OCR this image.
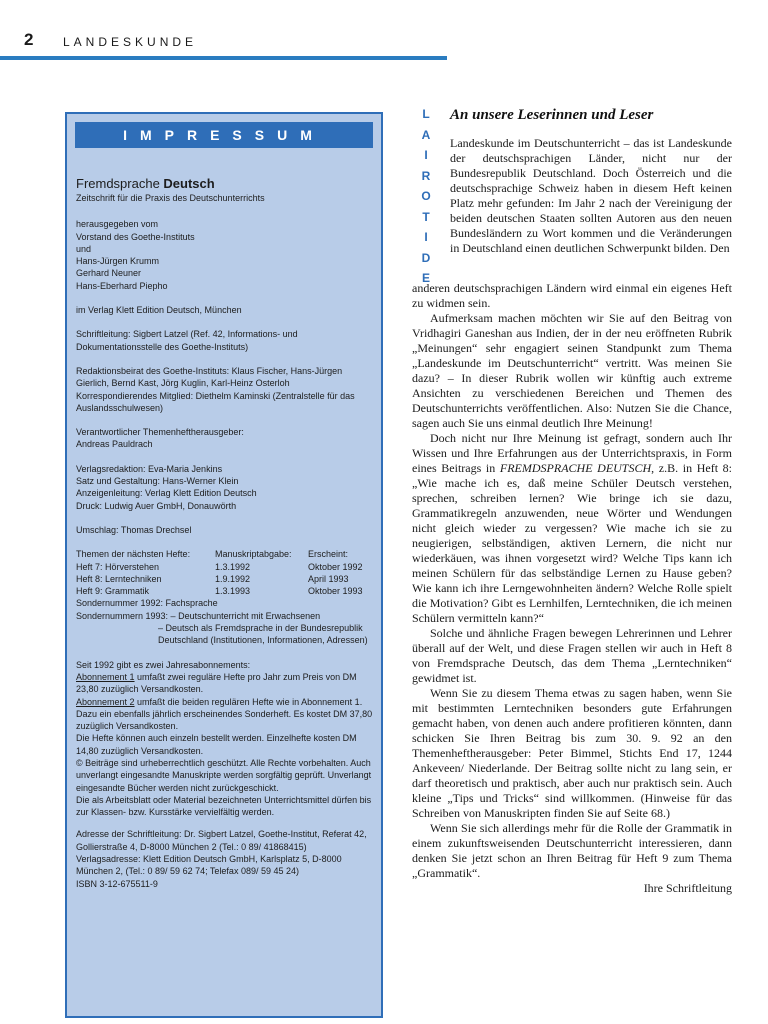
2 LANDESKUNDE
IMPRESSUM

Fremdsprache Deutsch

Zeitschrift für die Praxis des Deutschunterrichts

herausgegeben vom
Vorstand des Goethe-Instituts
und
Hans-Jürgen Krumm
Gerhard Neuner
Hans-Eberhard Piepho

im Verlag Klett Edition Deutsch, München

Schriftleitung: Sigbert Latzel (Ref. 42, Informations- und Dokumentationsstelle des Goethe-Instituts)

Redaktionsbeirat des Goethe-Instituts: Klaus Fischer, Hans-Jürgen Gierlich, Bernd Kast, Jörg Kuglin, Karl-Heinz Osterloh
Korrespondierendes Mitglied: Diethelm Kaminski (Zentralstelle für das Auslandsschulwesen)

Verantwortlicher Themenheftherausgeber:
Andreas Pauldrach

Verlagsredaktion: Eva-Maria Jenkins
Satz und Gestaltung: Hans-Werner Klein
Anzeigenleitung: Verlag Klett Edition Deutsch
Druck: Ludwig Auer GmbH, Donauwörth

Umschlag: Thomas Drechsel

Themen der nächsten Hefte:	Manuskriptabgabe:	Erscheint:
Heft 7: Hörverstehen	1.3.1992	Oktober 1992
Heft 8: Lerntechniken	1.9.1992	April 1993
Heft 9: Grammatik	1.3.1993	Oktober 1993

Sondernummer 1992: Fachsprache
Sondernummern 1993: – Deutschunterricht mit Erwachsenen
– Deutsch als Fremdsprache in der Bundesrepublik
Deutschland (Institutionen, Informationen, Adressen)

Seit 1992 gibt es zwei Jahresabonnements:
Abonnement 1 umfaßt zwei reguläre Hefte pro Jahr zum Preis von DM 23,80 zuzüglich Versandkosten.
Abonnement 2 umfaßt die beiden regulären Hefte wie in Abonnement 1. Dazu ein ebenfalls jährlich erscheinendes Sonderheft. Es kostet DM 37,80 zuzüglich Versandkosten.
Die Hefte können auch einzeln bestellt werden. Einzelhefte kosten DM 14,80 zuzüglich Versandkosten.
© Beiträge sind urheberrechtlich geschützt. Alle Rechte vorbehalten. Auch unverlangt eingesandte Manuskripte werden sorgfältig geprüft. Unverlangt eingesandte Bücher werden nicht zurückgeschickt.
Die als Arbeitsblatt oder Material bezeichneten Unterrichtsmittel dürfen bis zur Klassen- bzw. Kursstärke vervielfältig werden.

Adresse der Schriftleitung: Dr. Sigbert Latzel, Goethe-Institut, Referat 42, Gollierstraße 4, D-8000 München 2 (Tel.: 0 89/ 41868415)
Verlagsadresse: Klett Edition Deutsch GmbH, Karlsplatz 5, D-8000 München 2, (Tel.: 0 89/ 59 62 74; Telefax 089/ 59 45 24)
ISBN 3-12-675511-9

L
A
I
R
O
T
I
D
E
An unsere Leserinnen und Leser

Landeskunde im Deutschunterricht – das ist Landeskunde der deutschsprachigen Länder, nicht nur der Bundesrepublik Deutschland. Doch Österreich und die deutschsprachige Schweiz haben in diesem Heft keinen Platz mehr gefunden: Im Jahr 2 nach der Vereinigung der beiden deutschen Staaten sollten Autoren aus den neuen Bundesländern zu Wort kommen und die Veränderungen in Deutschland einen deutlichen Schwerpunkt bilden. Den

anderen deutschsprachigen Ländern wird einmal ein eigenes Heft zu widmen sein.

Aufmerksam machen möchten wir Sie auf den Beitrag von Vridhagiri Ganeshan aus Indien, der in der neu eröffneten Rubrik „Meinungen“ sehr engagiert seinen Standpunkt zum Thema „Landeskunde im Deutschunterricht“ vertritt. Was meinen Sie dazu? – In dieser Rubrik wollen wir künftig auch extreme Ansichten zu verschiedenen Bereichen und Themen des Deutschunterrichts veröffentlichen. Also: Nutzen Sie die Chance, sagen auch Sie uns einmal deutlich Ihre Meinung!

Doch nicht nur Ihre Meinung ist gefragt, sondern auch Ihr Wissen und Ihre Erfahrungen aus der Unterrichtspraxis, in Form eines Beitrags in FREMDSPRACHE DEUTSCH, z.B. in Heft 8: „Wie mache ich es, daß meine Schüler Deutsch verstehen, sprechen, schreiben lernen? Wie bringe ich sie dazu, Grammatikregeln anzuwenden, neue Wörter und Wendungen nicht gleich wieder zu vergessen? Wie mache ich sie zu neugierigen, selbständigen, aktiven Lernern, die nicht nur wiederkäuen, was ihnen vorgesetzt wird? Welche Tips kann ich meinen Schülern für das selbständige Lernen zu Hause geben? Wie kann ich ihre Lerngewohnheiten ändern? Welche Rolle spielt die Motivation? Gibt es Lernhilfen, Lerntechniken, die ich meinen Schülern vermitteln kann?“

Solche und ähnliche Fragen bewegen Lehrerinnen und Lehrer überall auf der Welt, und diese Fragen stellen wir auch in Heft 8 von Fremdsprache Deutsch, das dem Thema „Lerntechniken“ gewidmet ist.

Wenn Sie zu diesem Thema etwas zu sagen haben, wenn Sie mit bestimmten Lerntechniken besonders gute Erfahrungen gemacht haben, von denen auch andere profitieren könnten, dann schicken Sie Ihren Beitrag bis zum 30. 9. 92 an den Themenheftherausgeber: Peter Bimmel, Stichts End 17, 1244 Ankeveen/ Niederlande. Der Beitrag sollte nicht zu lang sein, er darf theoretisch und praktisch, aber auch nur praktisch sein. Auch kleine „Tips und Tricks“ sind willkommen. (Hinweise für das Schreiben von Manuskripten finden Sie auf Seite 68.)

Wenn Sie sich allerdings mehr für die Rolle der Grammatik in einem zukunftsweisenden Deutschunterricht interessieren, dann denken Sie jetzt schon an Ihren Beitrag für Heft 9 zum Thema „Grammatik“.

Ihre Schriftleitung
